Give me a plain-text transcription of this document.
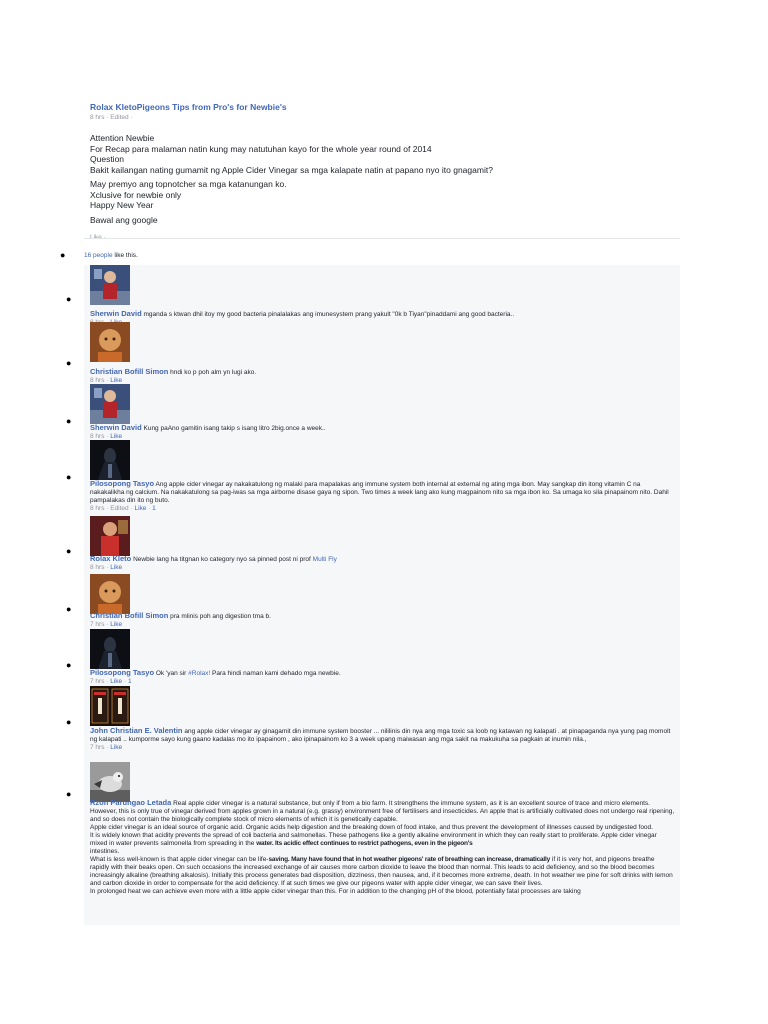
Rolax KletoPigeons Tips from Pro's for Newbie's
8 hrs · Edited ·
Attention Newbie
For Recap para malaman natin kung may natutuhan kayo for the whole year round of 2014
Question
Bakit kailangan nating gumamit ng Apple Cider Vinegar sa mga kalapate natin at papano nyo ito gnagamit?
May premyo ang topnotcher sa mga katanungan ko.
Xclusive for newbie only
Happy New Year
Bawal ang google
●	16 people like this.
●
Sherwin David mganda s ktwan dhil itoy my good bacteria pinalalakas ang imunesystem prang yakult "0k b Tiyan"pinaddami ang good bacteria..

●
Christian Bofill Simon hndi ko p poh alm yn lugi ako.
8 hrs · Like
●
Sherwin David Kung paAno gamitin isang takip s isang litro 2big.once a week..
8 hrs · Like
●
Pilosopong Tasyo Ang apple cider vinegar ay nakakatulong ng malaki para mapalakas ang immune system both internal at external ng ating mga ibon. May sangkap din itong vitamin C na nakakalikha ng calcium. Na nakakatulong sa pag-iwas sa mga airborne disase gaya ng sipon. Two times a week lang ako kung magpainom nito sa mga ibon ko. Sa umaga ko sila pinapainom nito. Dahil pampalakas din ito ng buto.
8 hrs · Edited · Like · 1
●
Rolax Kleto Newbie lang ha titgnan ko category nyo sa pinned post ni prof Multi Fly
8 hrs · Like
●
Christian Bofill Simon pra mlinis poh ang digestion tma b.
7 hrs · Like
●
Pilosopong Tasyo Ok 'yan sir #Rolax! Para hindi naman kami dehado mga newbie.
7 hrs · Like · 1
●
John Christian E. Valentin ang apple cider vinegar ay ginagamit din immune system booster ... nililinis din nya ang mga toxic sa loob ng katawan ng kalapati . at pinapaganda nya yung pag momolt ng kalapati .. kumporme sayo kung gaano kadalas mo ito ipapainom , ako ipinapainom ko 3 a week upang maiwasan ang mga sakit na makukuha sa pagkain at inumin nila.,
7 hrs · Like
●
Rzon Parungao Letada Real apple cider vinegar is a natural substance, but only if from a bio farm. It strengthens the immune system, as it is an excellent source of trace and micro elements. However, this is only true of vinegar derived from apples grown in a natural (e.g. grassy) environment free of fertilisers and insecticides. An apple that is artificially cultivated does not undergo real ripening, and so does not contain the biologically complete stock of micro elements of which it is genetically capable.
Apple cider vinegar is an ideal source of organic acid. Organic acids help digestion and the breaking down of food intake, and thus prevent the development of illnesses caused by undigested food.
It is widely known that acidity prevents the spread of coli bacteria and salmonellas. These pathogens like a gently alkaline environment in which they can really start to proliferate. Apple cider vinegar mixed in water prevents salmonella from spreading in the water. Its acidic effect continues to restrict pathogens, even in the pigeon's
intestines.
What is less well-known is that apple cider vinegar can be life-saving. Many have found that in hot weather pigeons' rate of breathing can increase, dramatically if it is very hot, and pigeons breathe rapidly with their beaks open. On such occasions the increased exchange of air causes more carbon dioxide to leave the blood than normal. This leads to acid deficiency, and so the blood becomes increasingly alkaline (breathing alkalosis). Initially this process generates bad disposition, dizziness, then nausea, and, if it becomes more extreme, death. In hot weather we pine for soft drinks with lemon and carbon dioxide in order to compensate for the acid deficiency. If at such times we give our pigeons water with apple cider vinegar, we can save their lives.
In prolonged heat we can achieve even more with a little apple cider vinegar than this. For in addition to the changing pH of the blood, potentially fatal processes are taking
